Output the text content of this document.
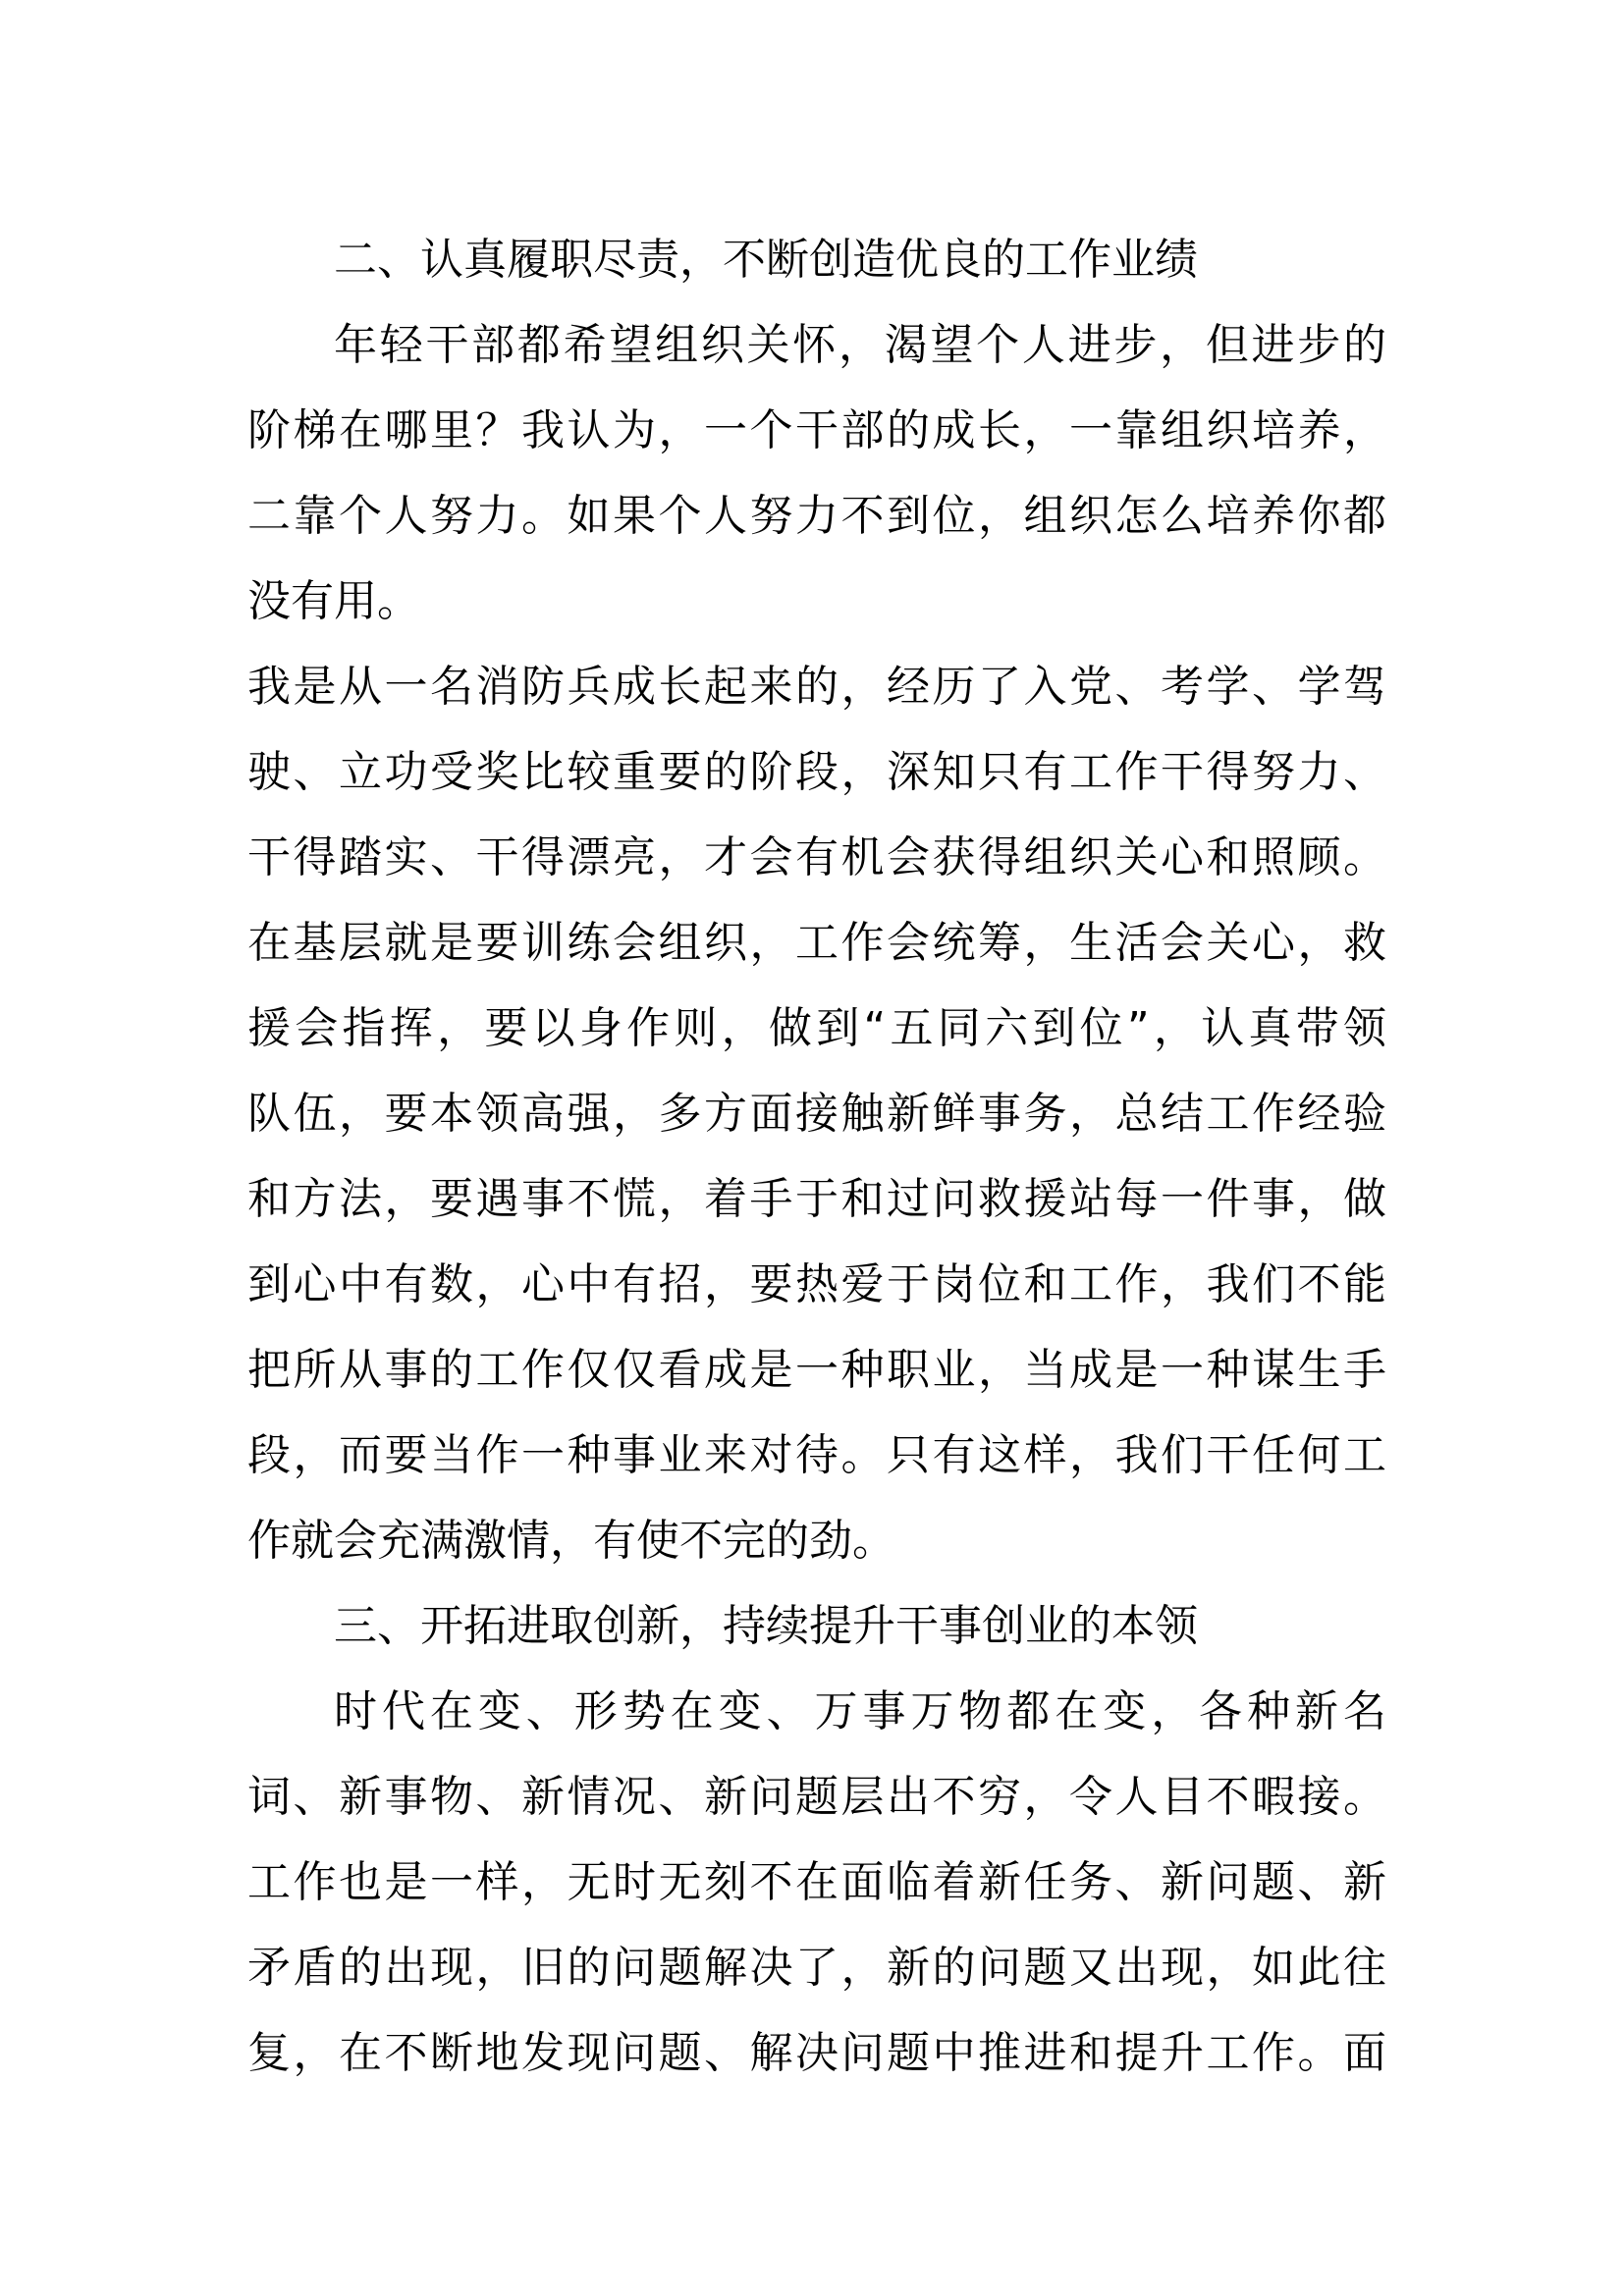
二、认真履职尽责，不断创造优良的工作业绩
年轻干部都希望组织关怀，渴望个人进步，但进步的
阶梯在哪里？我认为，一个干部的成长，一靠组织培养，
二靠个人努力。如果个人努力不到位，组织怎么培养你都
没有用。
我是从一名消防兵成长起来的，经历了入党、考学、学驾
驶、立功受奖比较重要的阶段，深知只有工作干得努力、
干得踏实、干得漂亮，才会有机会获得组织关心和照顾。
在基层就是要训练会组织，工作会统筹，生活会关心，救
援会指挥，要以身作则，做到“五同六到位”，认真带领
队伍，要本领高强，多方面接触新鲜事务，总结工作经验
和方法，要遇事不慌，着手于和过问救援站每一件事，做
到心中有数，心中有招，要热爱于岗位和工作，我们不能
把所从事的工作仅仅看成是一种职业，当成是一种谋生手
段，而要当作一种事业来对待。只有这样，我们干任何工
作就会充满激情，有使不完的劲。
三、开拓进取创新，持续提升干事创业的本领
时代在变、形势在变、万事万物都在变，各种新名
词、新事物、新情况、新问题层出不穷，令人目不暇接。
工作也是一样，无时无刻不在面临着新任务、新问题、新
矛盾的出现，旧的问题解决了，新的问题又出现，如此往
复，在不断地发现问题、解决问题中推进和提升工作。面
